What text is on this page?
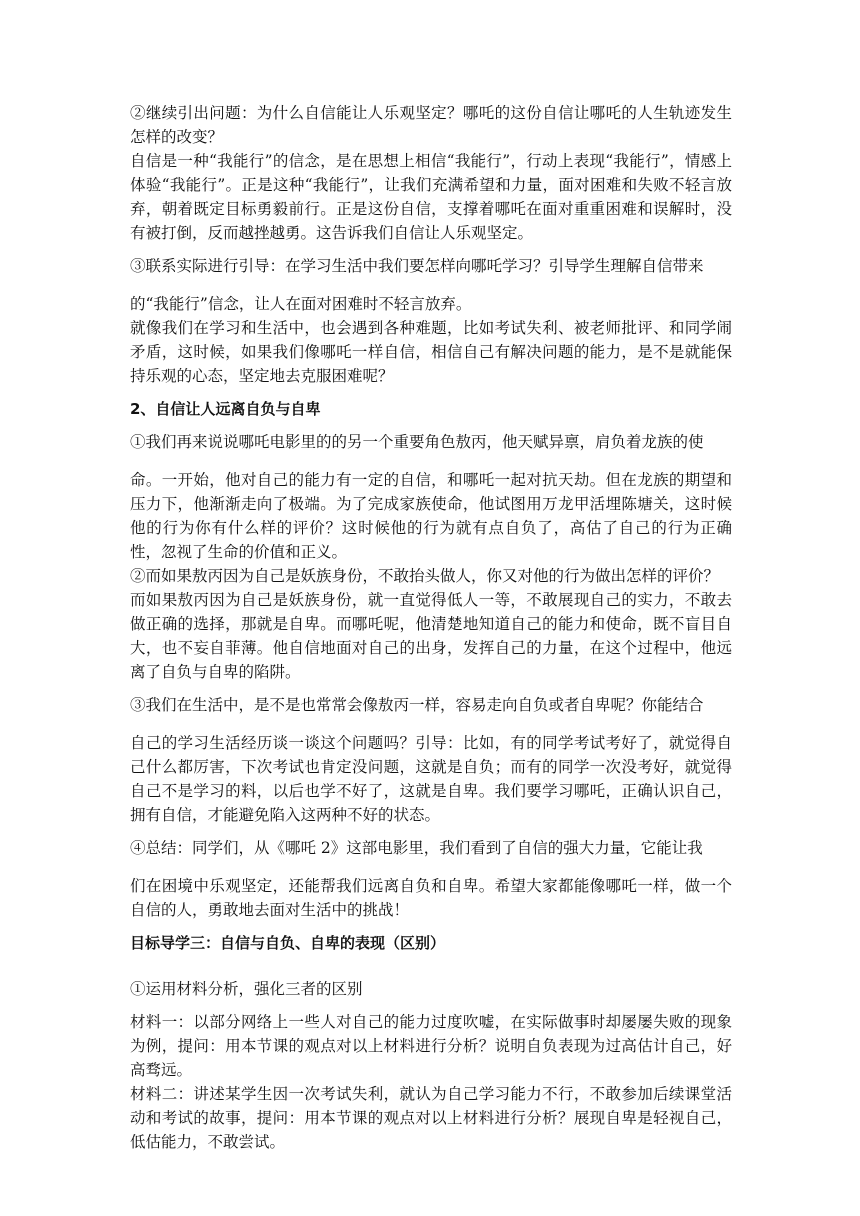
②继续引出问题：为什么自信能让人乐观坚定？哪吒的这份自信让哪吒的人生轨迹发生怎样的改变？

自信是一种“我能行”的信念，是在思想上相信“我能行”，行动上表现“我能行”，情感上体验“我能行”。正是这种“我能行”，让我们充满希望和力量，面对困难和失败不轻言放弃，朝着既定目标勇毅前行。正是这份自信，支撑着哪吒在面对重重困难和误解时，没有被打倒，反而越挫越勇。这告诉我们自信让人乐观坚定。

③联系实际进行引导：在学习生活中我们要怎样向哪吒学习？引导学生理解自信带来

的“我能行”信念，让人在面对困难时不轻言放弃。

就像我们在学习和生活中，也会遇到各种难题，比如考试失利、被老师批评、和同学闹矛盾，这时候，如果我们像哪吒一样自信，相信自己有解决问题的能力，是不是就能保持乐观的心态，坚定地去克服困难呢？

2、自信让人远离自负与自卑

①我们再来说说哪吒电影里的的另一个重要角色敖丙，他天赋异禀，肩负着龙族的使

命。一开始，他对自己的能力有一定的自信，和哪吒一起对抗天劫。但在龙族的期望和压力下，他渐渐走向了极端。为了完成家族使命，他试图用万龙甲活埋陈塘关，这时候他的行为你有什么样的评价？这时候他的行为就有点自负了，高估了自己的行为正确性，忽视了生命的价值和正义。

②而如果敖丙因为自己是妖族身份，不敢抬头做人，你又对他的行为做出怎样的评价？

而如果敖丙因为自己是妖族身份，就一直觉得低人一等，不敢展现自己的实力，不敢去做正确的选择，那就是自卑。而哪吒呢，他清楚地知道自己的能力和使命，既不盲目自大，也不妄自菲薄。他自信地面对自己的出身，发挥自己的力量，在这个过程中，他远离了自负与自卑的陷阱。

③我们在生活中，是不是也常常会像敖丙一样，容易走向自负或者自卑呢？你能结合

自己的学习生活经历谈一谈这个问题吗？引导：比如，有的同学考试考好了，就觉得自己什么都厉害，下次考试也肯定没问题，这就是自负；而有的同学一次没考好，就觉得自己不是学习的料，以后也学不好了，这就是自卑。我们要学习哪吒，正确认识自己，拥有自信，才能避免陷入这两种不好的状态。

④总结：同学们，从《哪吒 2》这部电影里，我们看到了自信的强大力量，它能让我

们在困境中乐观坚定，还能帮我们远离自负和自卑。希望大家都能像哪吒一样，做一个自信的人，勇敢地去面对生活中的挑战！

目标导学三：自信与自负、自卑的表现（区别）

①运用材料分析，强化三者的区别

材料一：以部分网络上一些人对自己的能力过度吹嘘，在实际做事时却屡屡失败的现象为例，提问：用本节课的观点对以上材料进行分析？说明自负表现为过高估计自己，好高骛远。

材料二：讲述某学生因一次考试失利，就认为自己学习能力不行，不敢参加后续课堂活动和考试的故事，提问：用本节课的观点对以上材料进行分析？展现自卑是轻视自己，低估能力，不敢尝试。
